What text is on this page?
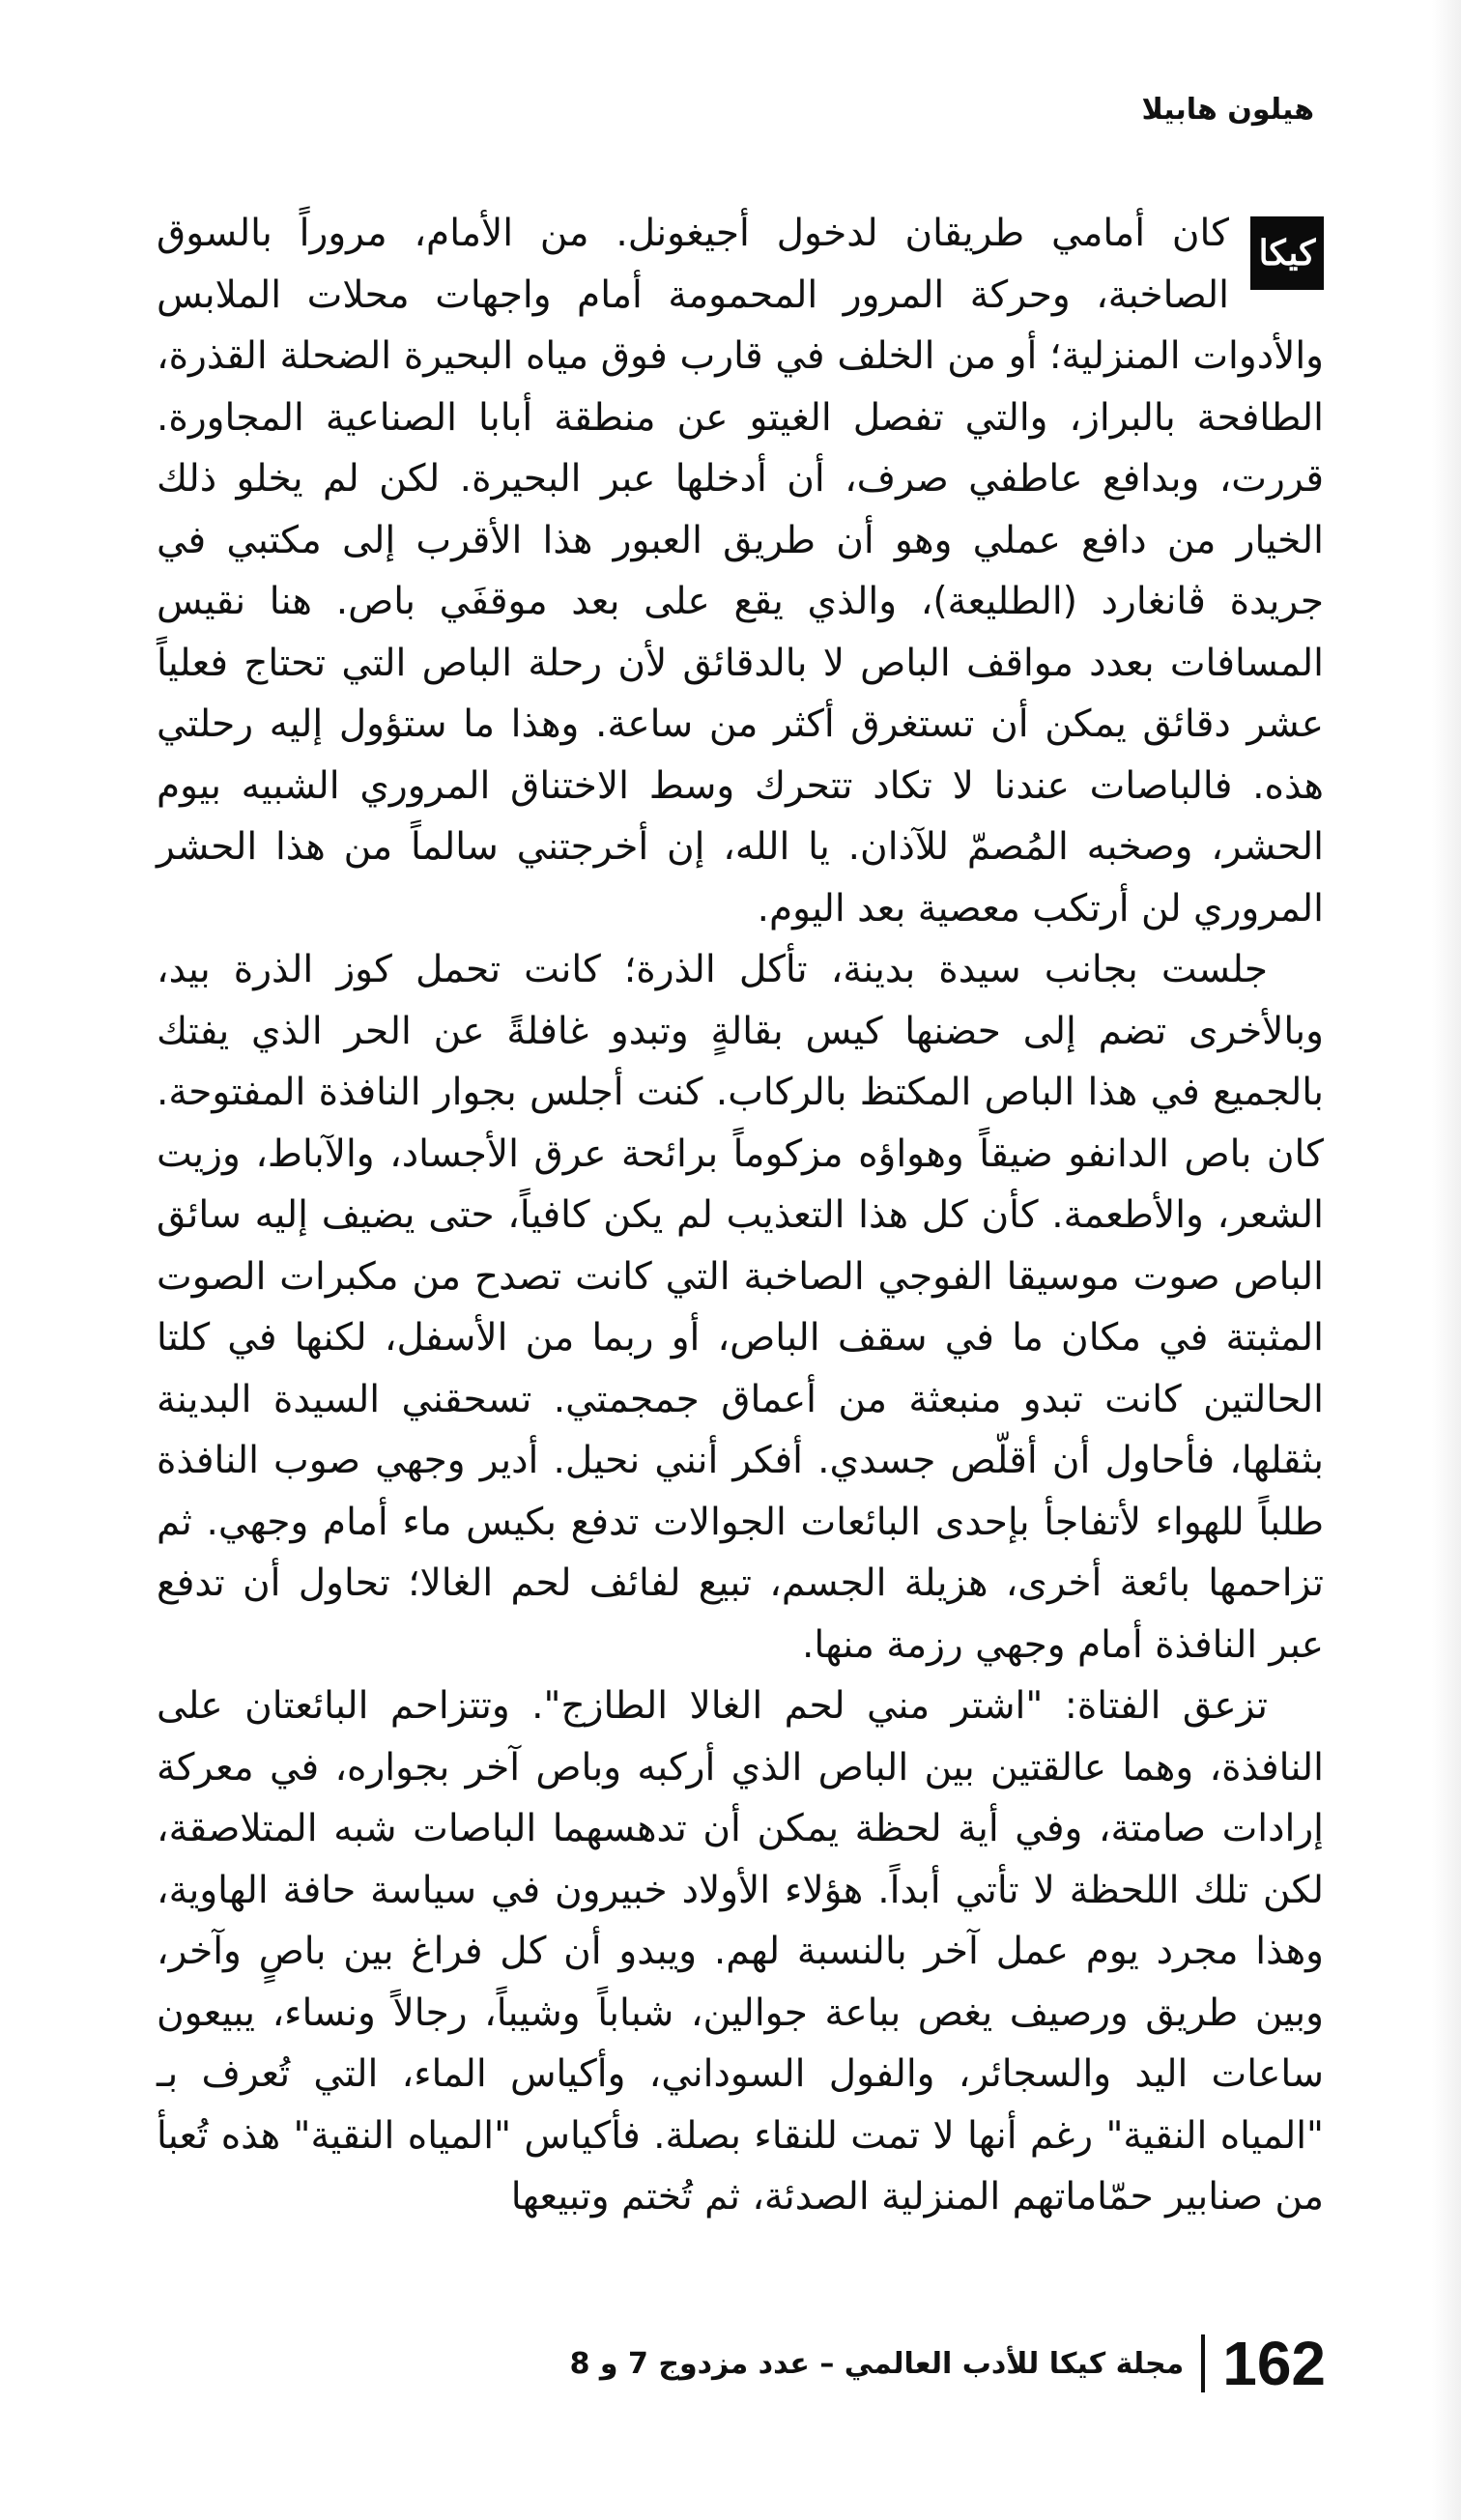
هيلون هابيلا

كيكا
كان أمامي طريقان لدخول أجيغونل. من الأمام، مروراً بالسوق الصاخبة، وحركة المرور المحمومة أمام واجهات محلات الملابس والأدوات المنزلية؛ أو من الخلف في قارب فوق مياه البحيرة الضحلة القذرة، الطافحة بالبراز، والتي تفصل الغيتو عن منطقة أبابا الصناعية المجاورة. قررت، وبدافع عاطفي صرف، أن أدخلها عبر البحيرة. لكن لم يخلو ذلك الخيار من دافع عملي وهو أن طريق العبور هذا الأقرب إلى مكتبي في جريدة ڤانغارد (الطليعة)، والذي يقع على بعد موقفَي باص. هنا نقيس المسافات بعدد مواقف الباص لا بالدقائق لأن رحلة الباص التي تحتاج فعلياً عشر دقائق يمكن أن تستغرق أكثر من ساعة. وهذا ما ستؤول إليه رحلتي هذه. فالباصات عندنا لا تكاد تتحرك وسط الاختناق المروري الشبيه بيوم الحشر، وصخبه المُصمّ للآذان. يا الله، إن أخرجتني سالماً من هذا الحشر المروري لن أرتكب معصية بعد اليوم.

جلست بجانب سيدة بدينة، تأكل الذرة؛ كانت تحمل كوز الذرة بيد، وبالأخرى تضم إلى حضنها كيس بقالةٍ وتبدو غافلةً عن الحر الذي يفتك بالجميع في هذا الباص المكتظ بالركاب. كنت أجلس بجوار النافذة المفتوحة. كان باص الدانفو ضيقاً وهواؤه مزكوماً برائحة عرق الأجساد، والآباط، وزيت الشعر، والأطعمة. كأن كل هذا التعذيب لم يكن كافياً، حتى يضيف إليه سائق الباص صوت موسيقا الفوجي الصاخبة التي كانت تصدح من مكبرات الصوت المثبتة في مكان ما في سقف الباص، أو ربما من الأسفل، لكنها في كلتا الحالتين كانت تبدو منبعثة من أعماق جمجمتي. تسحقني السيدة البدينة بثقلها، فأحاول أن أقلّص جسدي. أفكر أنني نحيل. أدير وجهي صوب النافذة طلباً للهواء لأتفاجأ بإحدى البائعات الجوالات تدفع بكيس ماء أمام وجهي. ثم تزاحمها بائعة أخرى، هزيلة الجسم، تبيع لفائف لحم الغالا؛ تحاول أن تدفع عبر النافذة أمام وجهي رزمة منها.

تزعق الفتاة: "اشتر مني لحم الغالا الطازج". وتتزاحم البائعتان على النافذة، وهما عالقتين بين الباص الذي أركبه وباص آخر بجواره، في معركة إرادات صامتة، وفي أية لحظة يمكن أن تدهسهما الباصات شبه المتلاصقة، لكن تلك اللحظة لا تأتي أبداً. هؤلاء الأولاد خبيرون في سياسة حافة الهاوية، وهذا مجرد يوم عمل آخر بالنسبة لهم. ويبدو أن كل فراغ بين باصٍ وآخر، وبين طريق ورصيف يغص بباعة جوالين، شباباً وشيباً، رجالاً ونساء، يبيعون ساعات اليد والسجائر، والفول السوداني، وأكياس الماء، التي تُعرف بـ "المياه النقية" رغم أنها لا تمت للنقاء بصلة. فأكياس "المياه النقية" هذه تُعبأ من صنابير حمّاماتهم المنزلية الصدئة، ثم تُختم وتبيعها

162
مجلة كيكا للأدب العالمي – عدد مزدوج 7 و 8
